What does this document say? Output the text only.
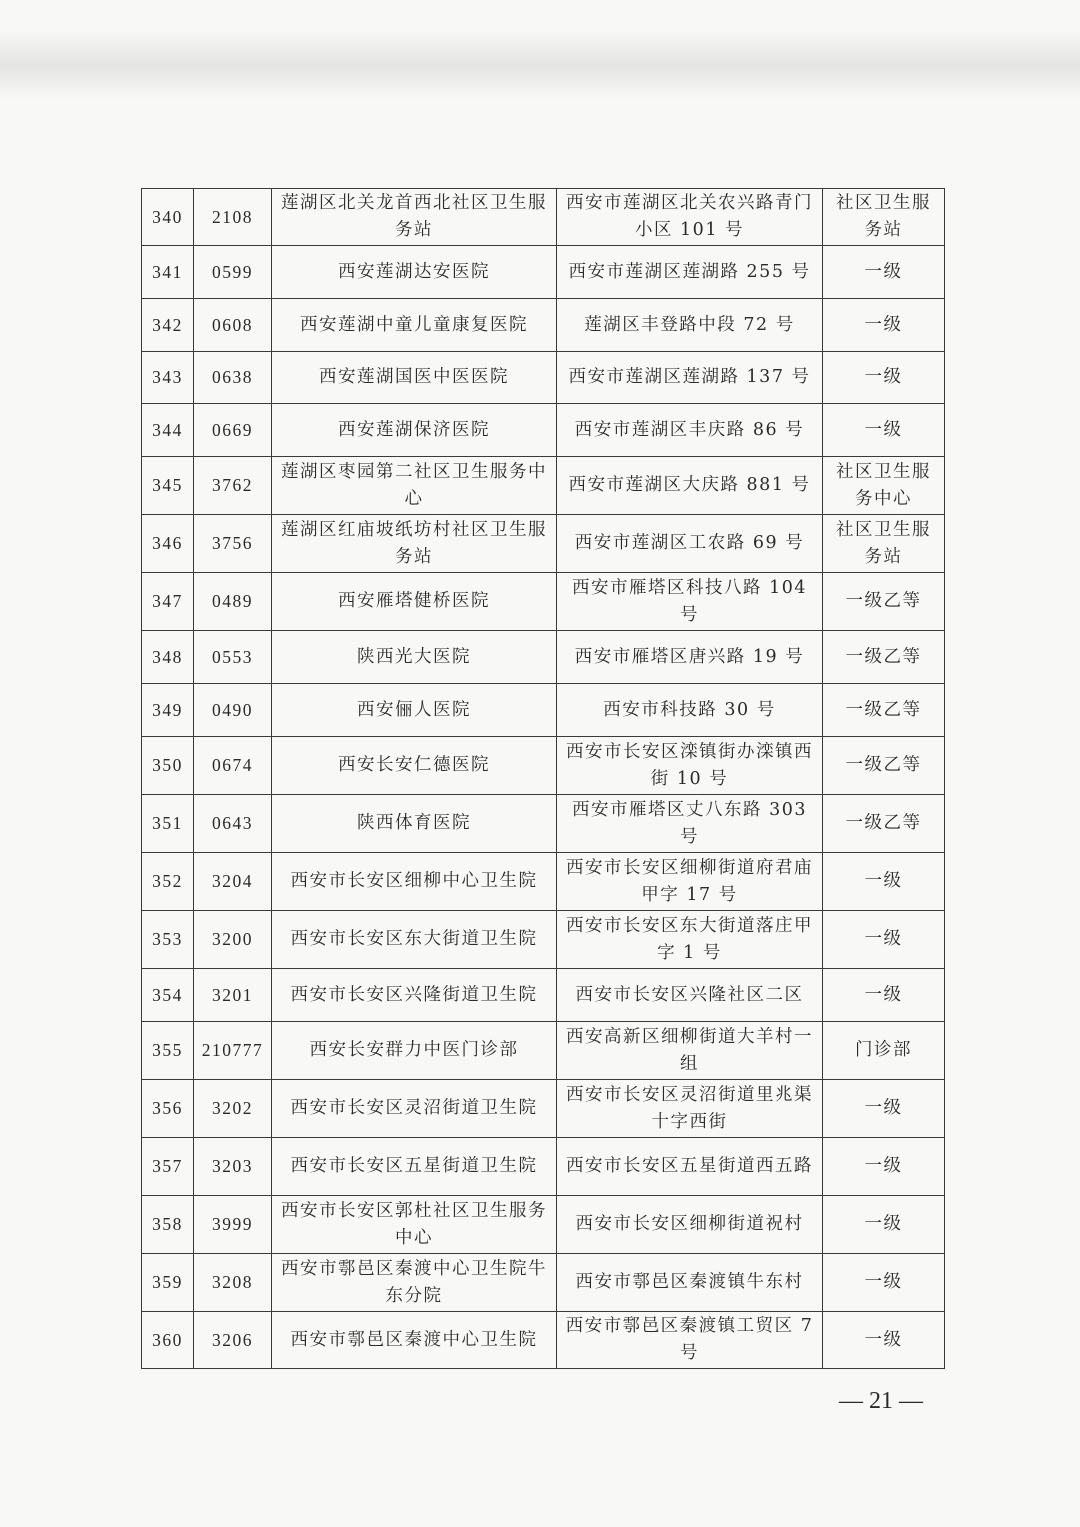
340	2108	莲湖区北关龙首西北社区卫生服务站	西安市莲湖区北关农兴路青门小区 101 号	社区卫生服务站
341	0599	西安莲湖达安医院	西安市莲湖区莲湖路 255 号	一级
342	0608	西安莲湖中童儿童康复医院	莲湖区丰登路中段 72 号	一级
343	0638	西安莲湖国医中医医院	西安市莲湖区莲湖路 137 号	一级
344	0669	西安莲湖保济医院	西安市莲湖区丰庆路 86 号	一级
345	3762	莲湖区枣园第二社区卫生服务中心	西安市莲湖区大庆路 881 号	社区卫生服务中心
346	3756	莲湖区红庙坡纸坊村社区卫生服务站	西安市莲湖区工农路 69 号	社区卫生服务站
347	0489	西安雁塔健桥医院	西安市雁塔区科技八路 104 号	一级乙等
348	0553	陕西光大医院	西安市雁塔区唐兴路 19 号	一级乙等
349	0490	西安俪人医院	西安市科技路 30 号	一级乙等
350	0674	西安长安仁德医院	西安市长安区滦镇街办滦镇西街 10 号	一级乙等
351	0643	陕西体育医院	西安市雁塔区丈八东路 303 号	一级乙等
352	3204	西安市长安区细柳中心卫生院	西安市长安区细柳街道府君庙甲字 17 号	一级
353	3200	西安市长安区东大街道卫生院	西安市长安区东大街道落庄甲字 1 号	一级
354	3201	西安市长安区兴隆街道卫生院	西安市长安区兴隆社区二区	一级
355	210777	西安长安群力中医门诊部	西安高新区细柳街道大羊村一组	门诊部
356	3202	西安市长安区灵沼街道卫生院	西安市长安区灵沼街道里兆渠十字西街	一级
357	3203	西安市长安区五星街道卫生院	西安市长安区五星街道西五路	一级
358	3999	西安市长安区郭杜社区卫生服务中心	西安市长安区细柳街道祝村	一级
359	3208	西安市鄠邑区秦渡中心卫生院牛东分院	西安市鄠邑区秦渡镇牛东村	一级
360	3206	西安市鄠邑区秦渡中心卫生院	西安市鄠邑区秦渡镇工贸区 7 号	一级
— 21 —
